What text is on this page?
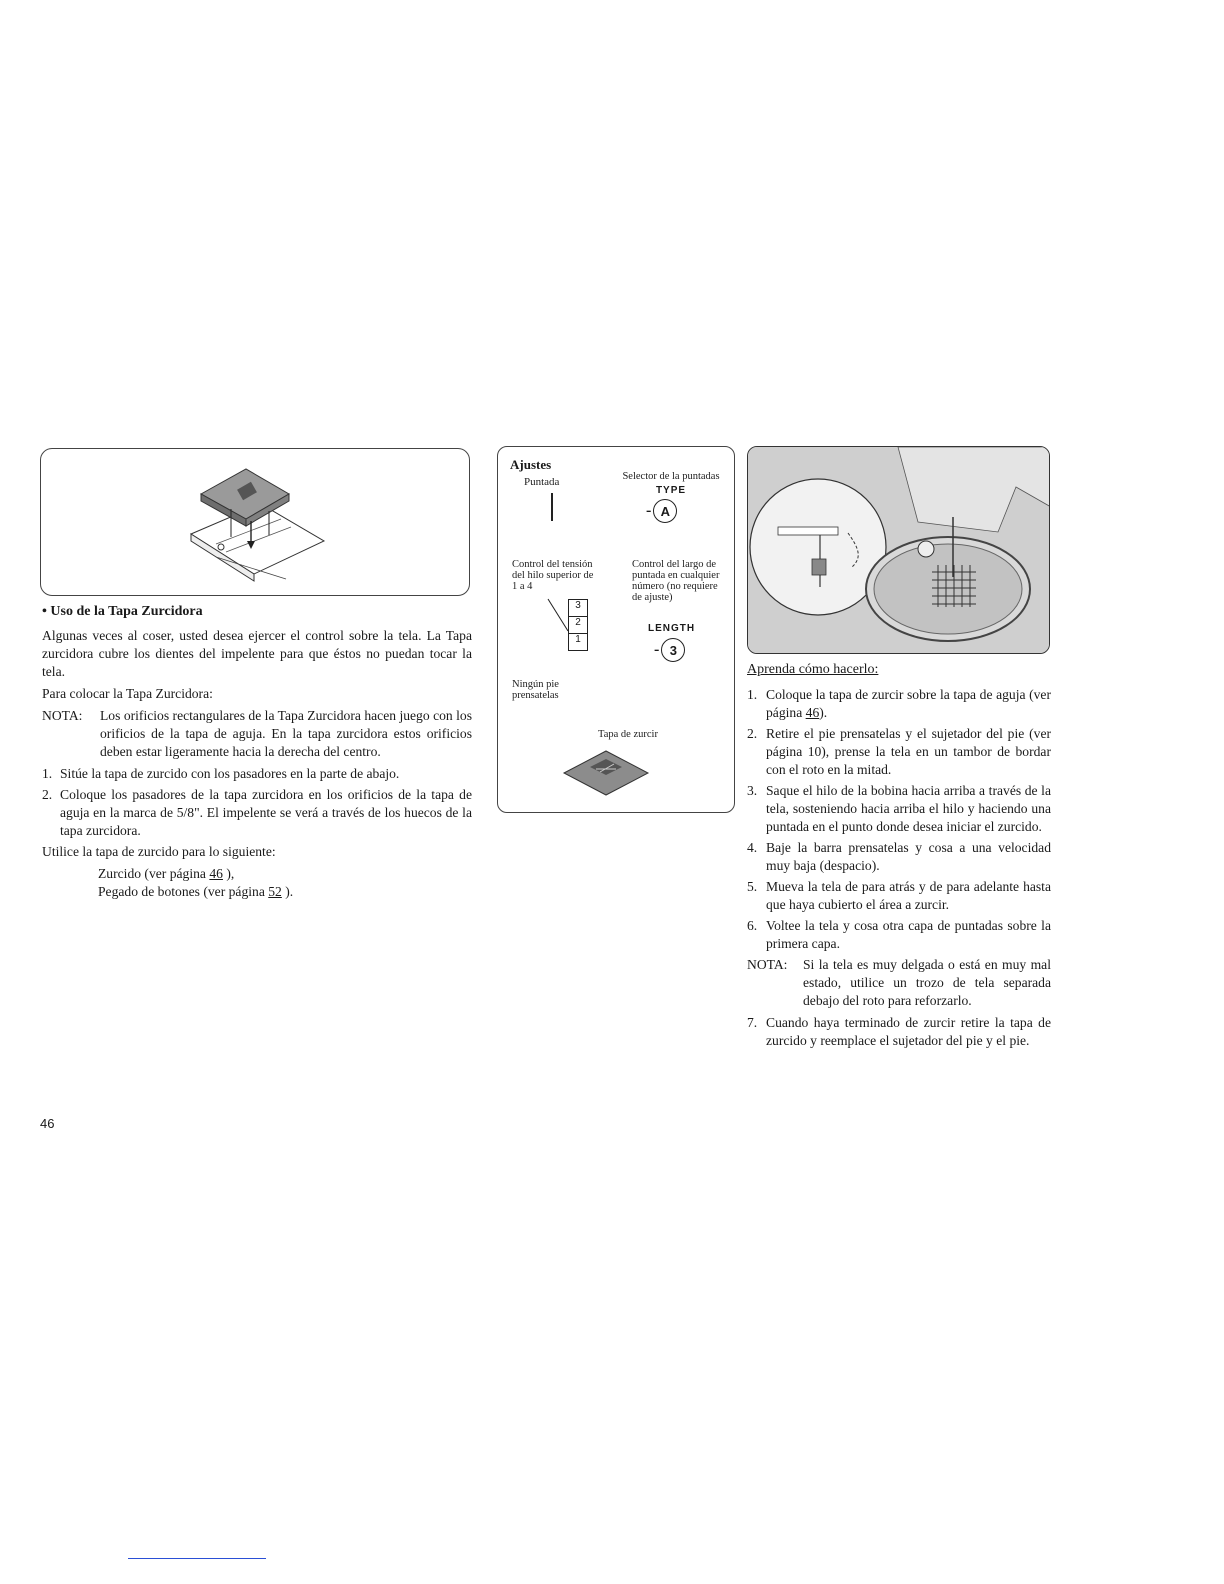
• Uso de la Tapa Zurcidora

Algunas veces al coser, usted desea ejercer el control sobre la tela. La Tapa zurcidora cubre los dientes del impelente para que éstos no puedan tocar la tela.

Para colocar la Tapa Zurcidora:

NOTA:	Los orificios rectangulares de la Tapa Zurcidora hacen juego con los orificios de la tapa de aguja. En la tapa zurcidora estos orificios deben estar ligeramente hacia la derecha del centro.
1. Sitúe la tapa de zurcido con los pasadores en la parte de abajo.
2. Coloque los pasadores de la tapa zurcidora en los orificios de la tapa de aguja en la marca de 5/8". El impelente se verá a través de los huecos de la tapa zurcidora.

Utilice la tapa de zurcido para lo siguiente:

Zurcido (ver página 46 ),

Pegado de botones (ver página 52 ).

Ajustes
Puntada	Selector de la puntadas
TYPE
- A
Control del tensión del hilo superior de 1 a 4
Control del largo de puntada en cualquier número (no requiere de ajuste)
3
2
1
LENGTH
- 3
Ningún pie prensatelas
Tapa de zurcir

Aprenda cómo hacerlo:

1. Coloque la tapa de zurcir sobre la tapa de aguja (ver página 46).
2. Retire el pie prensatelas y el sujetador del pie (ver página 10), prense la tela en un tambor de bordar con el roto en la mitad.
3. Saque el hilo de la bobina hacia arriba a través de la tela, sosteniendo hacia arriba el hilo y haciendo una puntada en el punto donde desea iniciar el zurcido.
4. Baje la barra prensatelas y cosa a una velocidad muy baja (despacio).
5. Mueva la tela de para atrás y de para adelante hasta que haya cubierto el área a zurcir.
6. Voltee la tela y cosa otra capa de puntadas sobre la primera capa.
NOTA:	Si la tela es muy delgada o está en muy mal estado, utilice un trozo de tela separada debajo del roto para reforzarlo.
7. Cuando haya terminado de zurcir retire la tapa de zurcido y reemplace el sujetador del pie y el pie.
46
